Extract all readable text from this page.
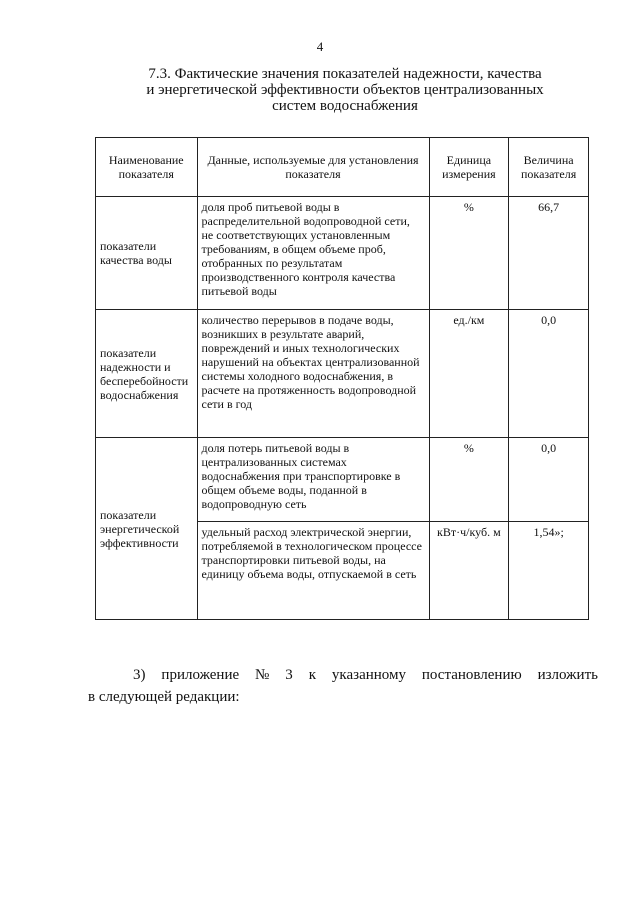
4
7.3. Фактические значения показателей надежности, качества
и энергетической эффективности объектов централизованных
систем водоснабжения
Наименование показателя	Данные, используемые для установления показателя	Единица измерения	Величина показателя
показатели качества воды	доля проб питьевой воды в распределительной водопроводной сети, не соответствующих установленным требованиям, в общем объеме проб, отобранных по результатам производственного контроля качества питьевой воды	%	66,7
показатели надежности и бесперебойности водоснабжения	количество перерывов в подаче воды, возникших в результате аварий, повреждений и иных технологических нарушений на объектах централизованной системы холодного водоснабжения, в расчете на протяженность водопроводной сети в год	ед./км	0,0
показатели энергетической эффективности	доля потерь питьевой воды в централизованных системах водоснабжения при транспортировке в общем объеме воды, поданной в водопроводную сеть	%	0,0
	удельный расход электрической энергии, потребляемой в технологическом процессе транспортировки питьевой воды, на единицу объема воды, отпускаемой в сеть	кВт·ч/куб. м	1,54»;
3) приложение № 3 к указанному постановлению изложить
в следующей редакции:
